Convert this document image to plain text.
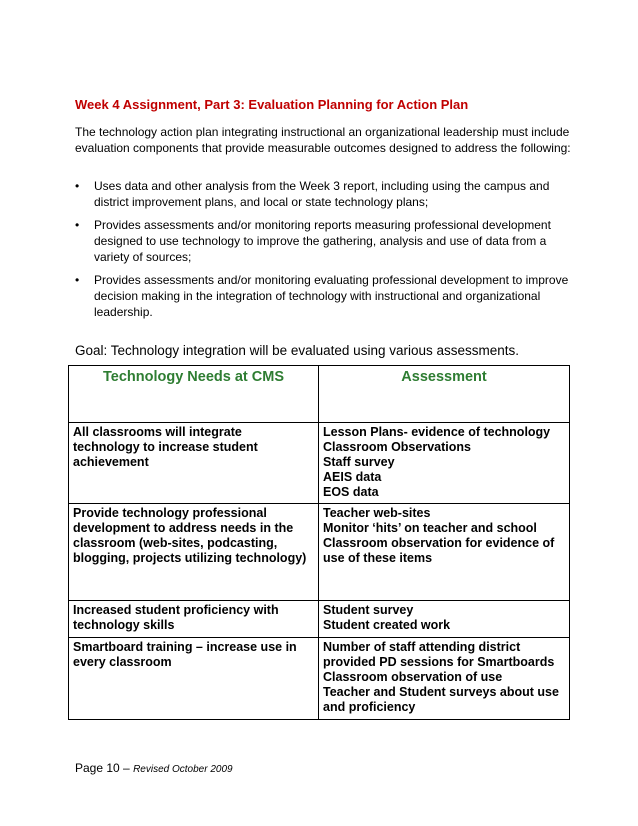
Week 4 Assignment, Part 3: Evaluation Planning for Action Plan
The technology action plan integrating instructional an organizational leadership must include evaluation components that provide measurable outcomes designed to address the following:
• Uses data and other analysis from the Week 3 report, including using the campus and district improvement plans, and local or state technology plans;
• Provides assessments and/or monitoring reports measuring professional development designed to use technology to improve the gathering, analysis and use of data from a variety of sources;
• Provides assessments and/or monitoring evaluating professional development to improve decision making in the integration of technology with instructional and organizational leadership.
Goal: Technology integration will be evaluated using various assessments.
Technology Needs at CMS	Assessment

All classrooms will integrate
technology to increase student
achievement	Lesson Plans- evidence of technology
Classroom Observations
Staff survey
AEIS data
EOS data

Provide technology professional
development to address needs in the
classroom (web-sites, podcasting,
blogging, projects utilizing technology)	Teacher web-sites
Monitor ‘hits’ on teacher and school
Classroom observation for evidence of
use of these items

Increased student proficiency with
technology skills	Student survey
Student created work

Smartboard training – increase use in
every classroom	Number of staff attending district
provided PD sessions for Smartboards
Classroom observation of use
Teacher and Student surveys about use
and proficiency
Page 10 – Revised October 2009
